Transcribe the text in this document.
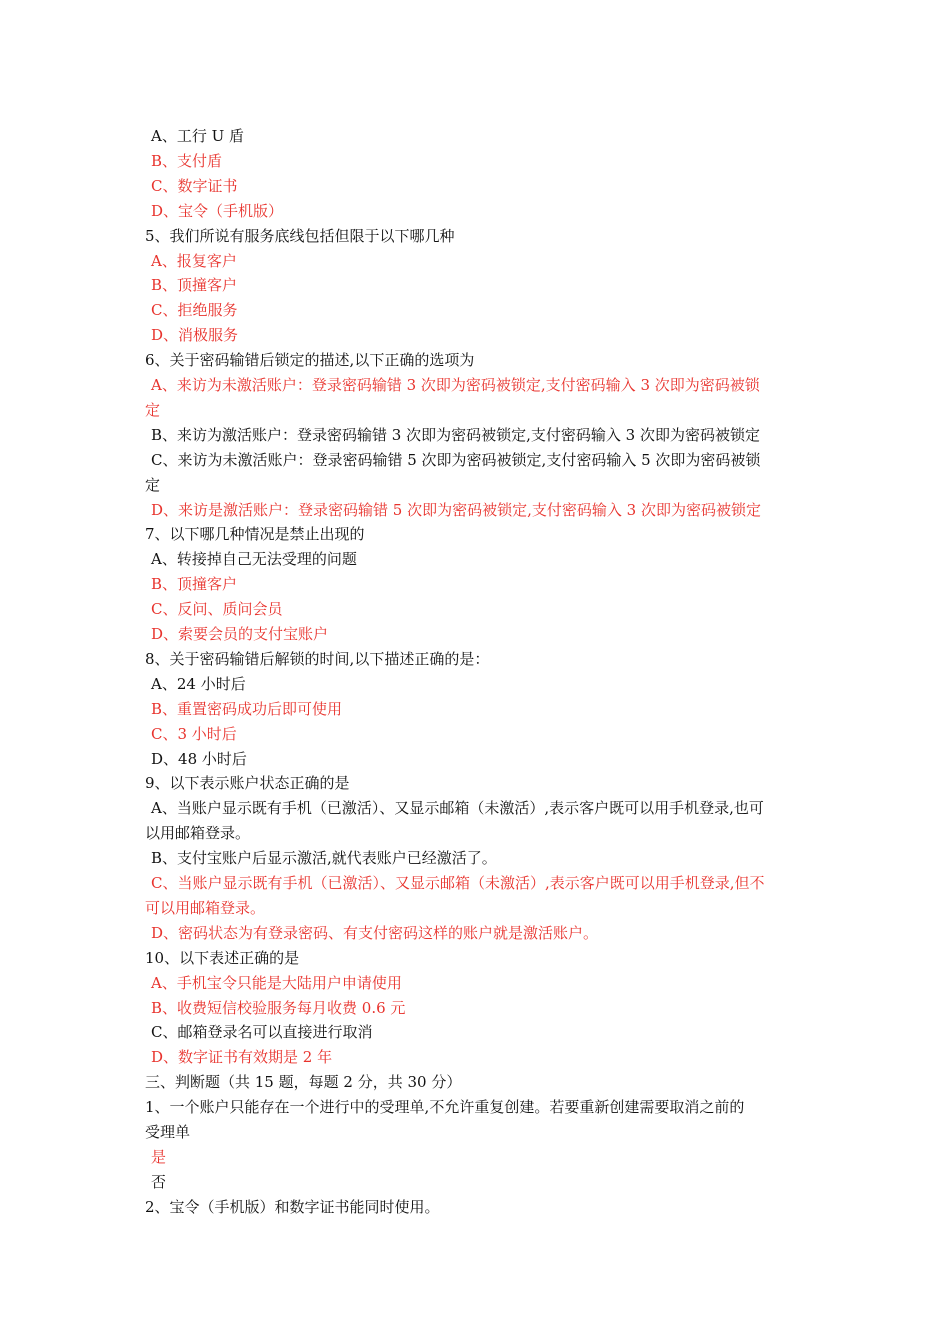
A、工行 U 盾
B、支付盾
C、数字证书
D、宝令（手机版）
5、我们所说有服务底线包括但限于以下哪几种
A、报复客户
B、顶撞客户
C、拒绝服务
D、消极服务
6、关于密码输错后锁定的描述,以下正确的选项为
A、来访为未激活账户：登录密码输错 3 次即为密码被锁定,支付密码输入 3 次即为密码被锁
定
B、来访为激活账户：登录密码输错 3 次即为密码被锁定,支付密码输入 3 次即为密码被锁定
C、来访为未激活账户：登录密码输错 5 次即为密码被锁定,支付密码输入 5 次即为密码被锁
定
D、来访是激活账户：登录密码输错 5 次即为密码被锁定,支付密码输入 3 次即为密码被锁定
7、以下哪几种情况是禁止出现的
A、转接掉自己无法受理的问题
B、顶撞客户
C、反问、质问会员
D、索要会员的支付宝账户
8、关于密码输错后解锁的时间,以下描述正确的是：
A、24 小时后
B、重置密码成功后即可使用
C、3 小时后
D、48 小时后
9、以下表示账户状态正确的是
A、当账户显示既有手机（已激活）、又显示邮箱（未激活）,表示客户既可以用手机登录,也可
以用邮箱登录。
B、支付宝账户后显示激活,就代表账户已经激活了。
C、当账户显示既有手机（已激活）、又显示邮箱（未激活）,表示客户既可以用手机登录,但不
可以用邮箱登录。
D、密码状态为有登录密码、有支付密码这样的账户就是激活账户。
10、以下表述正确的是
A、手机宝令只能是大陆用户申请使用
B、收费短信校验服务每月收费 0.6 元
C、邮箱登录名可以直接进行取消
D、数字证书有效期是 2 年
三、判断题（共 15 题，每题 2 分，共 30 分）
1、一个账户只能存在一个进行中的受理单,不允许重复创建。若要重新创建需要取消之前的
受理单
是
否
2、宝令（手机版）和数字证书能同时使用。
